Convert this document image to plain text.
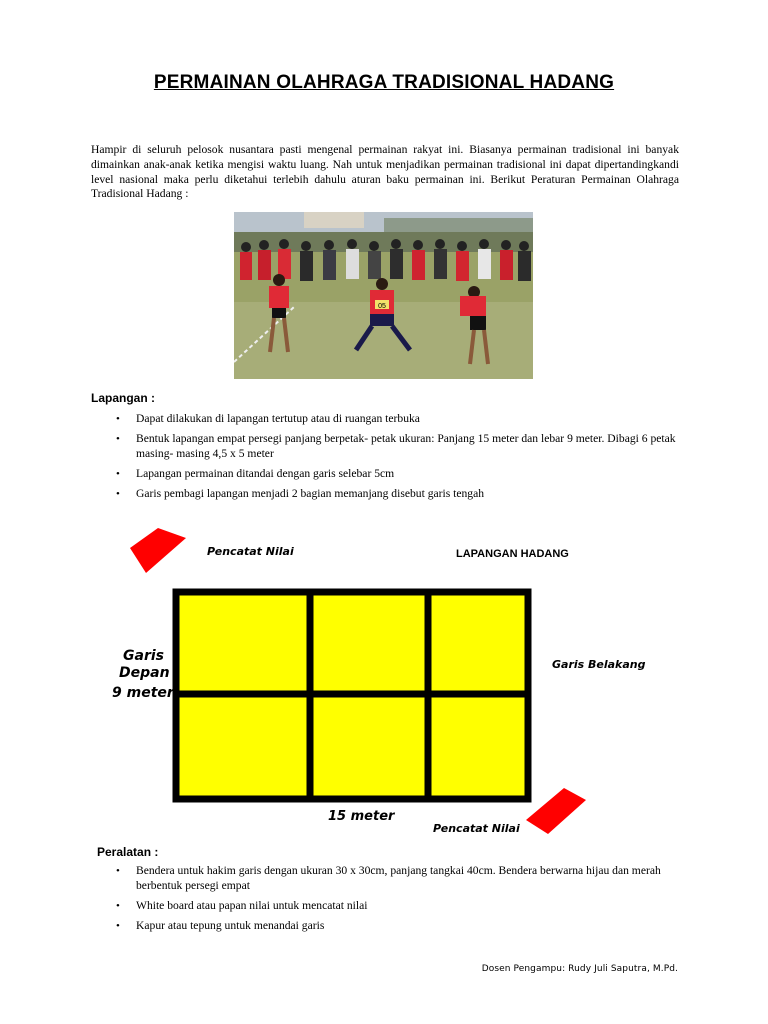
PERMAINAN OLAHRAGA TRADISIONAL HADANG

Hampir di seluruh pelosok nusantara pasti mengenal permainan rakyat ini. Biasanya permainan tradisional ini banyak dimainkan anak-anak ketika mengisi waktu luang. Nah untuk menjadikan permainan tradisional ini dapat dipertandingkandi level nasional maka perlu diketahui terlebih dahulu aturan baku permainan ini. Berikut Peraturan Permainan Olahraga Tradisional Hadang :

05
Lapangan :
• Dapat dilakukan di lapangan tertutup atau di ruangan terbuka
• Bentuk lapangan empat persegi panjang berpetak- petak ukuran: Panjang 15 meter dan lebar 9 meter. Dibagi 6 petak masing- masing 4,5 x 5 meter
• Lapangan permainan ditandai dengan garis selebar 5cm
• Garis pembagi lapangan menjadi 2 bagian memanjang disebut garis tengah
Pencatat Nilai	LAPANGAN HADANG
Garis
Depan
9 meter
Garis Belakang
15 meter
Pencatat Nilai
Peralatan :
• Bendera untuk hakim garis dengan ukuran 30 x 30cm, panjang tangkai 40cm. Bendera berwarna hijau dan merah berbentuk persegi empat
• White board atau papan nilai untuk mencatat nilai
• Kapur atau tepung untuk menandai garis
Dosen Pengampu: Rudy Juli Saputra, M.Pd.
